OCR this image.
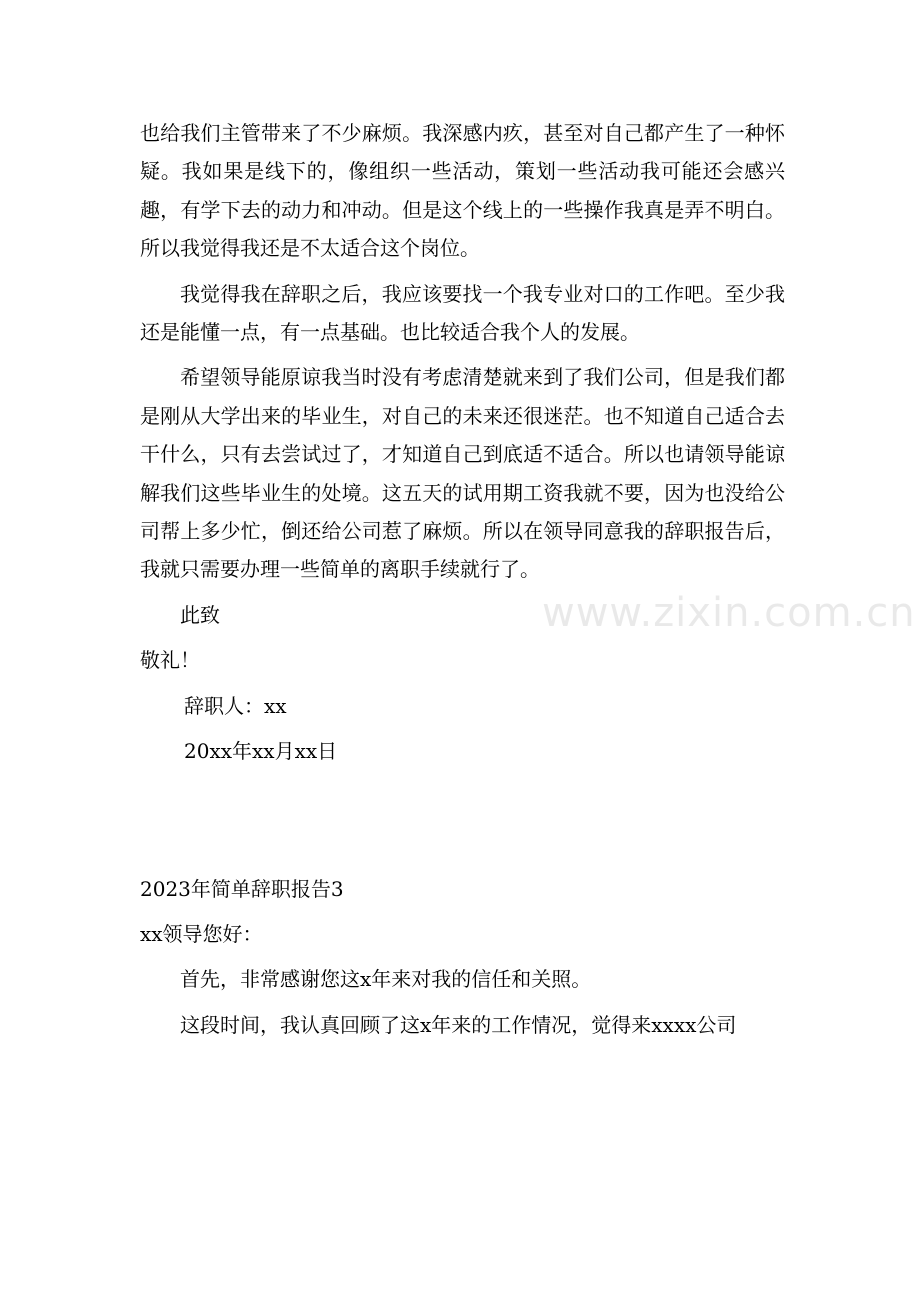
也给我们主管带来了不少麻烦。我深感内疚，甚至对自己都产生了一种怀疑。我如果是线下的，像组织一些活动，策划一些活动我可能还会感兴趣，有学下去的动力和冲动。但是这个线上的一些操作我真是弄不明白。所以我觉得我还是不太适合这个岗位。

我觉得我在辞职之后，我应该要找一个我专业对口的工作吧。至少我还是能懂一点，有一点基础。也比较适合我个人的发展。

希望领导能原谅我当时没有考虑清楚就来到了我们公司，但是我们都是刚从大学出来的毕业生，对自己的未来还很迷茫。也不知道自己适合去干什么，只有去尝试过了，才知道自己到底适不适合。所以也请领导能谅解我们这些毕业生的处境。这五天的试用期工资我就不要，因为也没给公司帮上多少忙，倒还给公司惹了麻烦。所以在领导同意我的辞职报告后，我就只需要办理一些简单的离职手续就行了。

此致

敬礼！

辞职人：xx

20xx年xx月xx日

2023年简单辞职报告3

xx领导您好：

首先，非常感谢您这x年来对我的信任和关照。

这段时间，我认真回顾了这x年来的工作情况，觉得来xxxx公司

www.zixin.com.cn
